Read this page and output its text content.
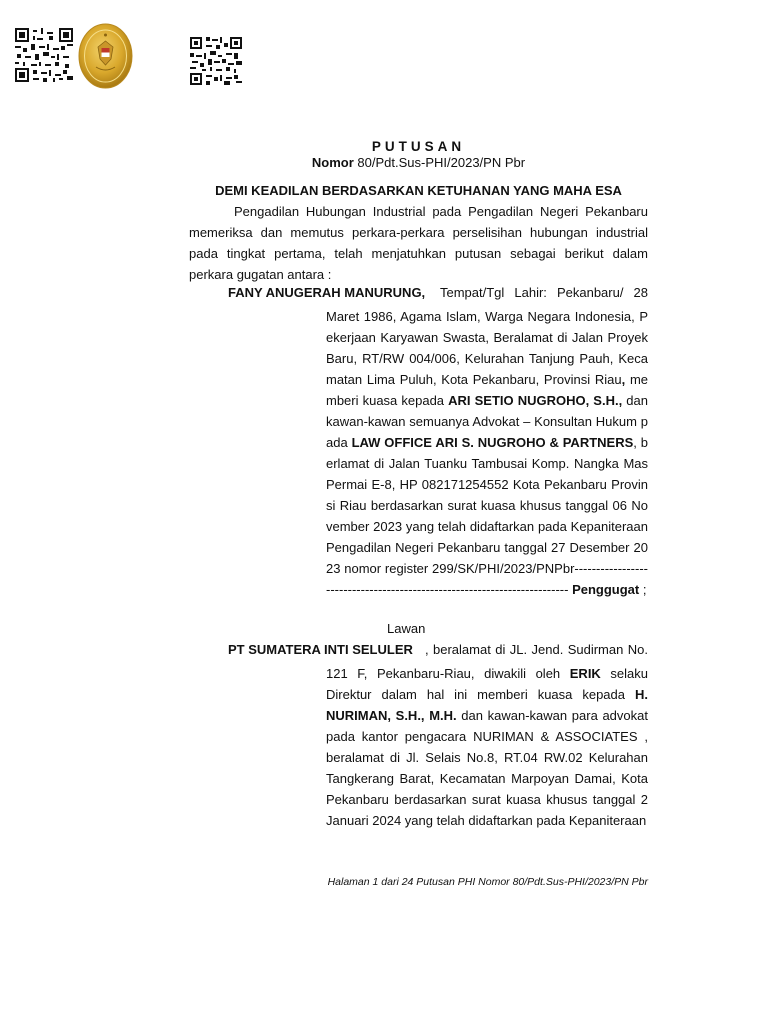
PUTUSAN
Nomor 80/Pdt.Sus-PHI/2023/PN Pbr
DEMI KEADILAN BERDASARKAN KETUHANAN YANG MAHA ESA

Pengadilan Hubungan Industrial pada Pengadilan Negeri Pekanbaru memeriksa dan memutus perkara-perkara perselisihan hubungan industrial pada tingkat pertama, telah menjatuhkan putusan sebagai berikut dalam perkara gugatan antara :

FANY ANUGERAH MANURUNG, Tempat/Tgl Lahir: Pekanbaru/ 28

Maret 1986, Agama Islam, Warga Negara Indonesia, Pekerjaan Karyawan Swasta, Beralamat di Jalan Proyek Baru, RT/RW 004/006, Kelurahan Tanjung Pauh, Kecamatan Lima Puluh, Kota Pekanbaru, Provinsi Riau, memberi kuasa kepada ARI SETIO NUGROHO, S.H., dan kawan-kawan semuanya Advokat – Konsultan Hukum pada LAW OFFICE ARI S. NUGROHO & PARTNERS, berlamat di Jalan Tuanku Tambusai Komp. Nangka Mas Permai E-8, HP 082171254552 Kota Pekanbaru Provinsi Riau berdasarkan surat kuasa khusus tanggal 06 November 2023 yang telah didaftarkan pada Kepaniteraan Pengadilan Negeri Pekanbaru tanggal 27 Desember 2023 nomor register 299/SK/PHI/2023/PNPbr------------------------------------------------------------------------- Penggugat ;

Lawan
PT SUMATERA INTI SELULER , beralamat di JL. Jend. Sudirman No.

121 F, Pekanbaru-Riau, diwakili oleh ERIK selaku Direktur dalam hal ini memberi kuasa kepada H. NURIMAN, S.H., M.H. dan kawan-kawan para advokat pada kantor pengacara NURIMAN & ASSOCIATES , beralamat di Jl. Selais No.8, RT.04 RW.02 Kelurahan Tangkerang Barat, Kecamatan Marpoyan Damai, Kota Pekanbaru berdasarkan surat kuasa khusus tanggal 2 Januari 2024 yang telah didaftarkan pada Kepaniteraan

Halaman 1 dari 24 Putusan PHI Nomor 80/Pdt.Sus-PHI/2023/PN Pbr
